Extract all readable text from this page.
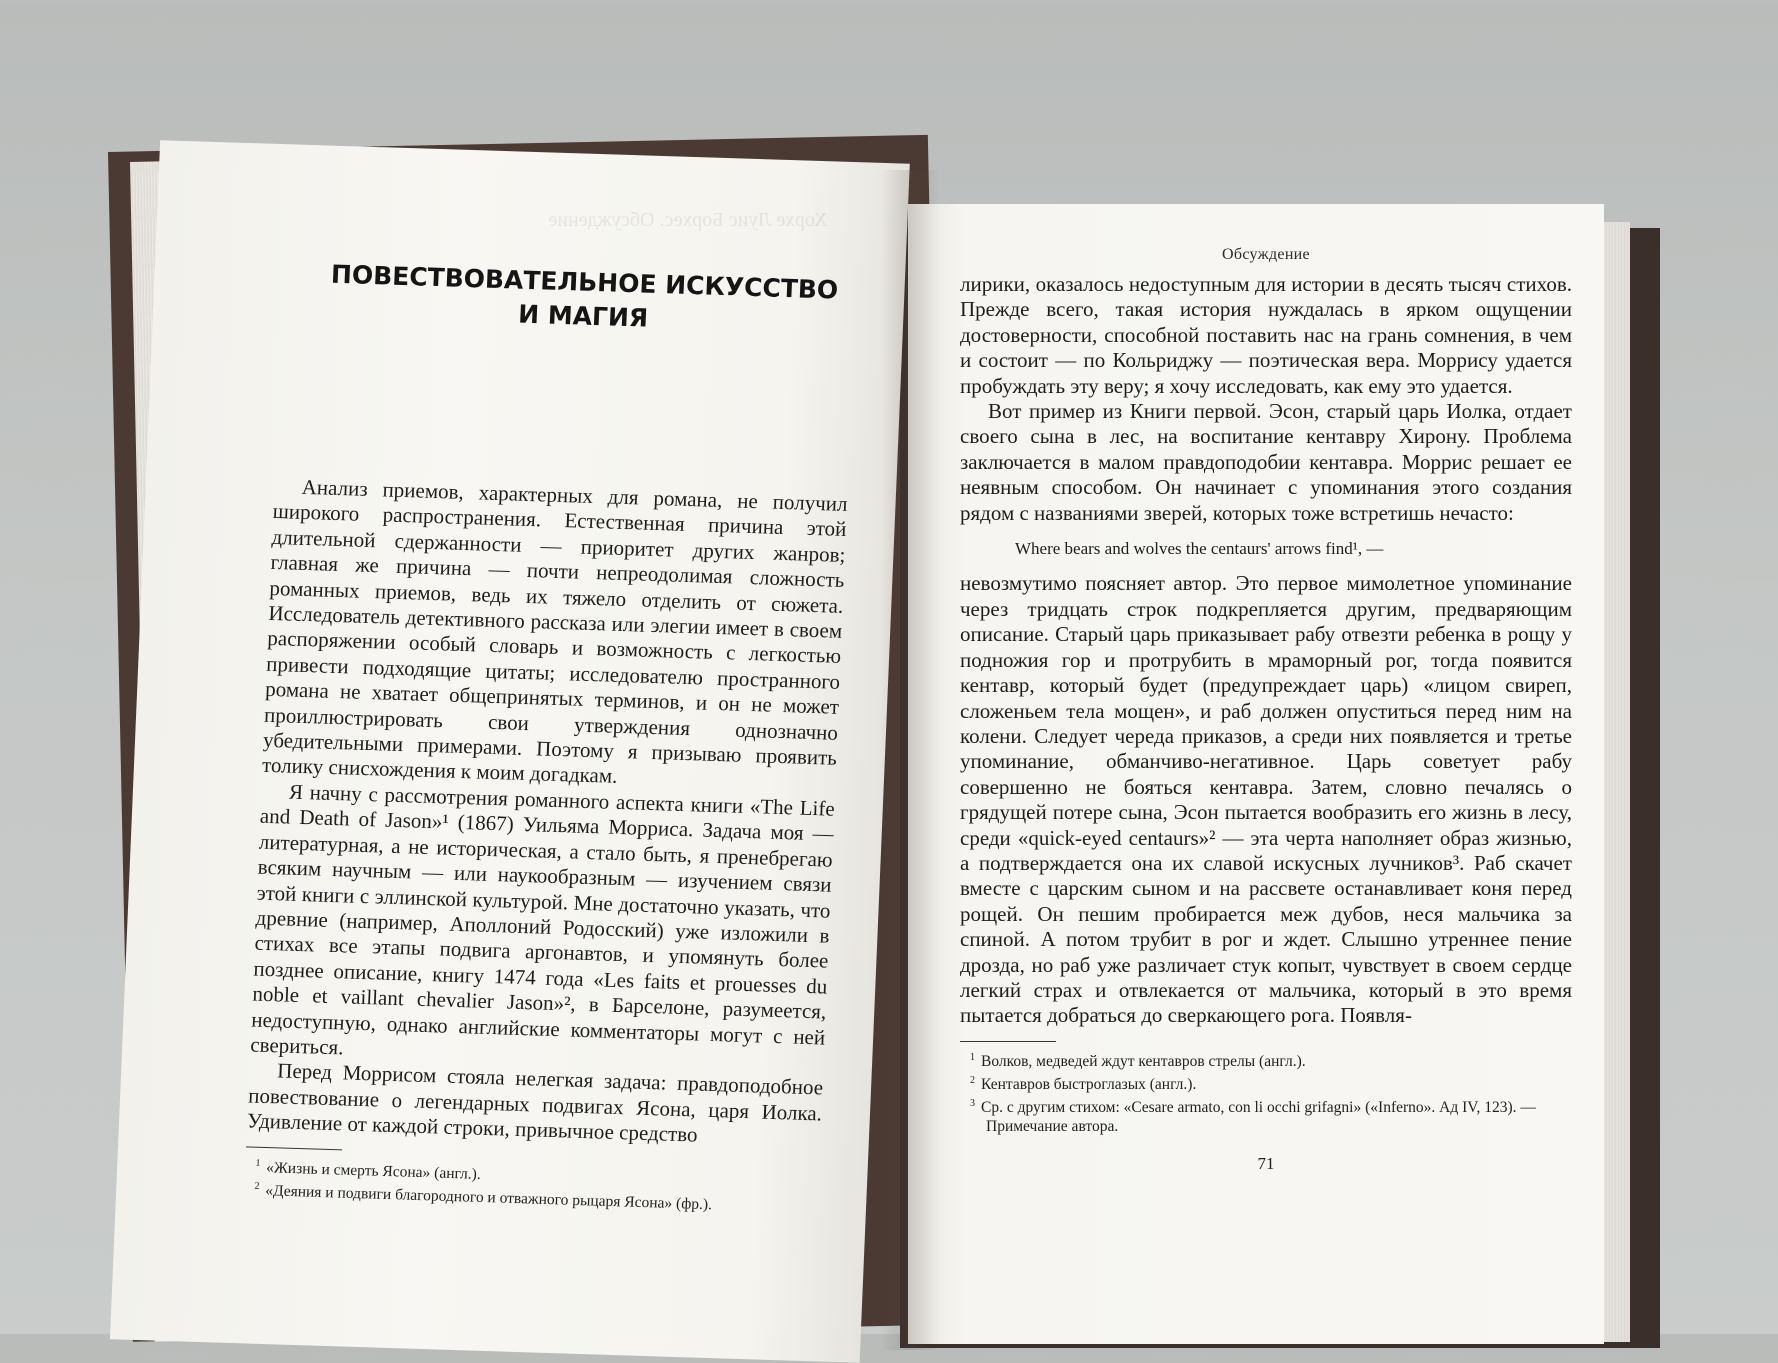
ПОВЕСТВОВАТЕЛЬНОЕ ИСКУССТВО
И МАГИЯ

Анализ приемов, характерных для романа, не получил широкого распространения. Естественная причина этой длительной сдержанности — приоритет других жанров; главная же причина — почти непреодолимая сложность романных приемов, ведь их тяжело отделить от сюжета. Исследователь детективного рассказа или элегии имеет в своем распоряжении особый словарь и возможность с легкостью привести подходящие цитаты; исследователю пространного романа не хватает общепринятых терминов, и он не может проиллюстрировать свои утверждения однозначно убедительными примерами. Поэтому я призываю проявить толику снисхождения к моим догадкам.

Я начну с рассмотрения романного аспекта книги «The Life and Death of Jason»¹ (1867) Уильяма Морриса. Задача моя — литературная, а не историческая, а стало быть, я пренебрегаю всяким научным — или наукообразным — изучением связи этой книги с эллинской культурой. Мне достаточно указать, что древние (например, Аполлоний Родосский) уже изложили в стихах все этапы подвига аргонавтов, и упомянуть более позднее описание, книгу 1474 года «Les faits et prouesses du noble et vaillant chevalier Jason»², в Барселоне, разумеется, недоступную, однако английские комментаторы могут с ней свериться.

Перед Моррисом стояла нелегкая задача: правдоподобное повествование о легендарных подвигах Ясона, царя Иолка. Удивление от каждой строки, привычное средство

$^1$ «Жизнь и смерть Ясона» (англ.).

$^2$ «Деяния и подвиги благородного и отважного рыцаря Ясона» (фр.).

Хорхе Луис Борхес. Обсуждение
Обсуждение

лирики, оказалось недоступным для истории в десять тысяч стихов. Прежде всего, такая история нуждалась в ярком ощущении достоверности, способной поставить нас на грань сомнения, в чем и состоит — по Кольриджу — поэтическая вера. Моррису удается пробуждать эту веру; я хочу исследовать, как ему это удается.

Вот пример из Книги первой. Эсон, старый царь Иолка, отдает своего сына в лес, на воспитание кентавру Хирону. Проблема заключается в малом правдоподобии кентавра. Моррис решает ее неявным способом. Он начинает с упоминания этого создания рядом с названиями зверей, которых тоже встретишь нечасто:

Where bears and wolves the centaurs' arrows find¹, —

невозмутимо поясняет автор. Это первое мимолетное упоминание через тридцать строк подкрепляется другим, предваряющим описание. Старый царь приказывает рабу отвезти ребенка в рощу у подножия гор и протрубить в мраморный рог, тогда появится кентавр, который будет (предупреждает царь) «лицом свиреп, сложеньем тела мощен», и раб должен опуститься перед ним на колени. Следует череда приказов, а среди них появляется и третье упоминание, обманчиво-негативное. Царь советует рабу совершенно не бояться кентавра. Затем, словно печалясь о грядущей потере сына, Эсон пытается вообразить его жизнь в лесу, среди «quick-eyed centaurs»² — эта черта наполняет образ жизнью, а подтверждается она их славой искусных лучников³. Раб скачет вместе с царским сыном и на рассвете останавливает коня перед рощей. Он пешим пробирается меж дубов, неся мальчика за спиной. А потом трубит в рог и ждет. Слышно утреннее пение дрозда, но раб уже различает стук копыт, чувствует в своем сердце легкий страх и отвлекается от мальчика, который в это время пытается добраться до сверкающего рога. Появля-

$^1$ Волков, медведей ждут кентавров стрелы (англ.).

$^2$ Кентавров быстроглазых (англ.).

$^3$ Ср. с другим стихом: «Cesare armato, con li occhi grifagni» («Inferno». Ад IV, 123). — Примечание автора.

71
